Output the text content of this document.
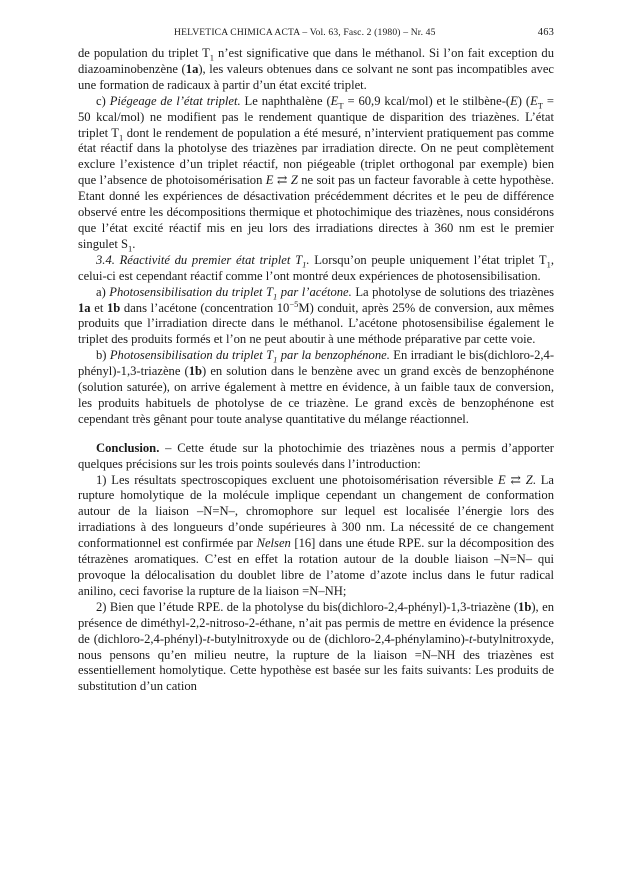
HELVETICA CHIMICA ACTA – Vol. 63, Fasc. 2 (1980) – Nr. 45	463

de population du triplet $T_1$ n’est significative que dans le méthanol. Si l’on fait exception du diazoaminobenzène (1a), les valeurs obtenues dans ce solvant ne sont pas incompatibles avec une formation de radicaux à partir d’un état excité triplet.

c) Piégeage de l’état triplet. Le naphthalène ($E_T = 60,9$ kcal/mol) et le stilbène-(E) ($E_T = 50$ kcal/mol) ne modifient pas le rendement quantique de disparition des triazènes. L’état triplet $T_1$ dont le rendement de population a été mesuré, n’intervient pratiquement pas comme état réactif dans la photolyse des triazènes par irradiation directe. On ne peut complètement exclure l’existence d’un triplet réactif, non piégeable (triplet orthogonal par exemple) bien que l’absence de photoisomérisation E ⇄ Z ne soit pas un facteur favorable à cette hypothèse. Etant donné les expériences de désactivation précédemment décrites et le peu de différence observé entre les décompositions thermique et photochimique des triazènes, nous considérons que l’état excité réactif mis en jeu lors des irradiations directes à 360 nm est le premier singulet $S_1$.

3.4. Réactivité du premier état triplet $T_1$. Lorsqu’on peuple uniquement l’état triplet $T_1$, celui-ci est cependant réactif comme l’ont montré deux expériences de photosensibilisation.

a) Photosensibilisation du triplet $T_1$ par l’acétone. La photolyse de solutions des triazènes 1a et 1b dans l’acétone (concentration $10^{-5}M$) conduit, après 25% de conversion, aux mêmes produits que l’irradiation directe dans le méthanol. L’acétone photosensibilise également le triplet des produits formés et l’on ne peut aboutir à une méthode préparative par cette voie.

b) Photosensibilisation du triplet $T_1$ par la benzophénone. En irradiant le bis(dichloro-2,4-phényl)-1,3-triazène (1b) en solution dans le benzène avec un grand excès de benzophénone (solution saturée), on arrive également à mettre en évidence, à un faible taux de conversion, les produits habituels de photolyse de ce triazène. Le grand excès de benzophénone est cependant très gênant pour toute analyse quantitative du mélange réactionnel.

Conclusion. – Cette étude sur la photochimie des triazènes nous a permis d’apporter quelques précisions sur les trois points soulevés dans l’introduction:

1) Les résultats spectroscopiques excluent une photoisomérisation réversible E ⇄ Z. La rupture homolytique de la molécule implique cependant un changement de conformation autour de la liaison –N=N–, chromophore sur lequel est localisée l’énergie lors des irradiations à des longueurs d’onde supérieures à 300 nm. La nécessité de ce changement conformationnel est confirmée par Nelsen [16] dans une étude RPE. sur la décomposition des tétrazènes aromatiques. C’est en effet la rotation autour de la double liaison –N=N– qui provoque la délocalisation du doublet libre de l’atome d’azote inclus dans le futur radical anilino, ceci favorise la rupture de la liaison =N–NH;

2) Bien que l’étude RPE. de la photolyse du bis(dichloro-2,4-phényl)-1,3-triazène (1b), en présence de diméthyl-2,2-nitroso-2-éthane, n’ait pas permis de mettre en évidence la présence de (dichloro-2,4-phényl)-t-butylnitroxyde ou de (dichloro-2,4-phénylamino)-t-butylnitroxyde, nous pensons qu’en milieu neutre, la rupture de la liaison =N–NH des triazènes est essentiellement homolytique. Cette hypothèse est basée sur les faits suivants: Les produits de substitution d’un cation
